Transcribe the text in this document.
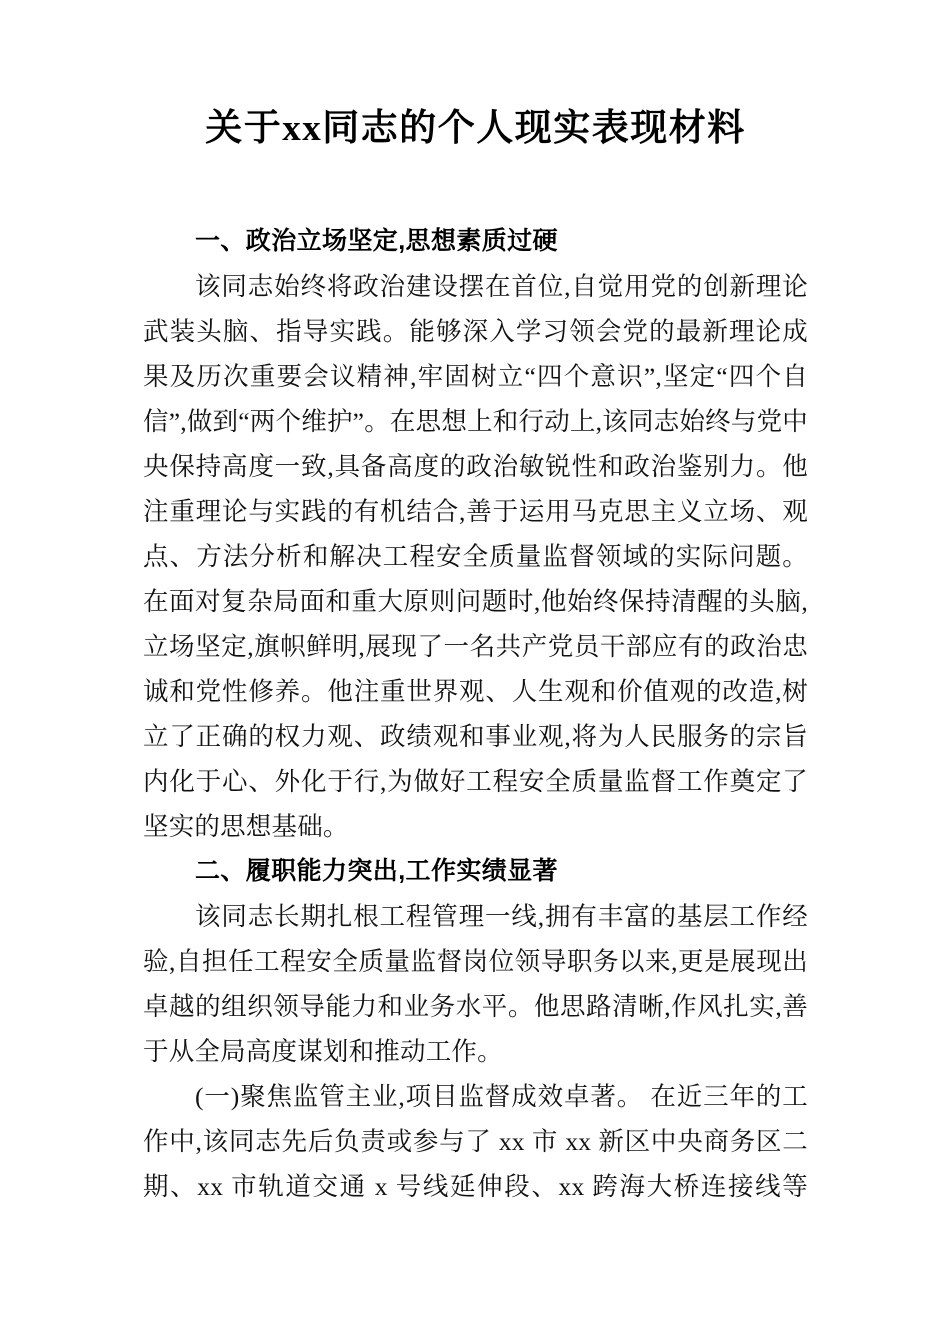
关于xx同志的个人现实表现材料
一、政治立场坚定,思想素质过硬

该同志始终将政治建设摆在首位,自觉用党的创新理论武装头脑、指导实践。能够深入学习领会党的最新理论成果及历次重要会议精神,牢固树立“四个意识”,坚定“四个自信”,做到“两个维护”。在思想上和行动上,该同志始终与党中央保持高度一致,具备高度的政治敏锐性和政治鉴别力。他注重理论与实践的有机结合,善于运用马克思主义立场、观点、方法分析和解决工程安全质量监督领域的实际问题。在面对复杂局面和重大原则问题时,他始终保持清醒的头脑,立场坚定,旗帜鲜明,展现了一名共产党员干部应有的政治忠诚和党性修养。他注重世界观、人生观和价值观的改造,树立了正确的权力观、政绩观和事业观,将为人民服务的宗旨内化于心、外化于行,为做好工程安全质量监督工作奠定了坚实的思想基础。

二、履职能力突出,工作实绩显著

该同志长期扎根工程管理一线,拥有丰富的基层工作经验,自担任工程安全质量监督岗位领导职务以来,更是展现出卓越的组织领导能力和业务水平。他思路清晰,作风扎实,善于从全局高度谋划和推动工作。

(一)聚焦监管主业,项目监督成效卓著。 在近三年的工作中,该同志先后负责或参与了 xx 市 xx 新区中央商务区二期、xx 市轨道交通 x 号线延伸段、xx 跨海大桥连接线等
